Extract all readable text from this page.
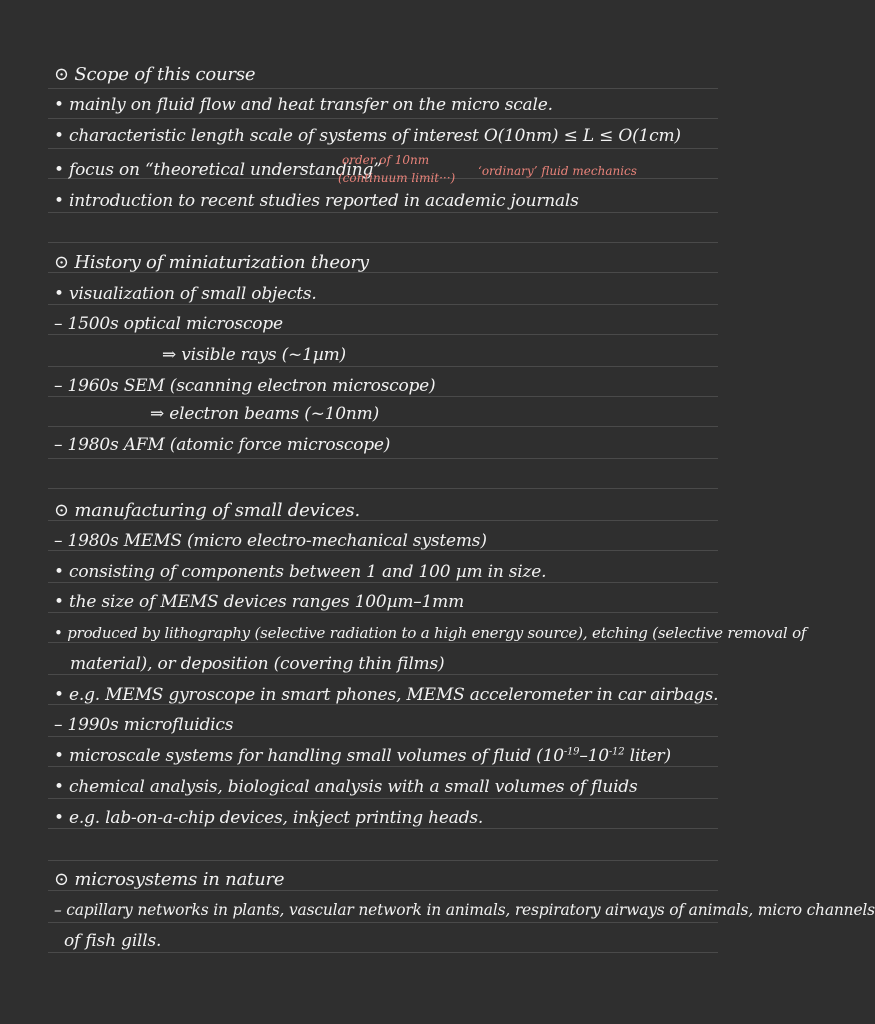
⊙ Scope of this course
• mainly on fluid flow and heat transfer on the micro scale.
• characteristic length scale of systems of interest O(10nm) ≤ L ≤ O(1cm)
• focus on “theoretical understanding”
• introduction to recent studies reported in academic journals
order of 10nm
(continuum limit···) ‘ordinary’ fluid mechanics
⊙ History of miniaturization theory
• visualization of small objects.
– 1500s optical microscope
⇒ visible rays (~1µm)
– 1960s SEM (scanning electron microscope)
⇒ electron beams (~10nm)
– 1980s AFM (atomic force microscope)
⊙ manufacturing of small devices.
– 1980s MEMS (micro electro-mechanical systems)
• consisting of components between 1 and 100 µm in size.
• the size of MEMS devices ranges 100µm–1mm
• produced by lithography (selective radiation to a high energy source), etching (selective removal of
material), or deposition (covering thin films)
• e.g. MEMS gyroscope in smart phones, MEMS accelerometer in car airbags.
– 1990s microfluidics
• microscale systems for handling small volumes of fluid ($10^{-19}-10^{-12}$ liter)
• chemical analysis, biological analysis with a small volumes of fluids
• e.g. lab-on-a-chip devices, inkject printing heads.
⊙ microsystems in nature
– capillary networks in plants, vascular network in animals, respiratory airways of animals, micro channels
of fish gills.
